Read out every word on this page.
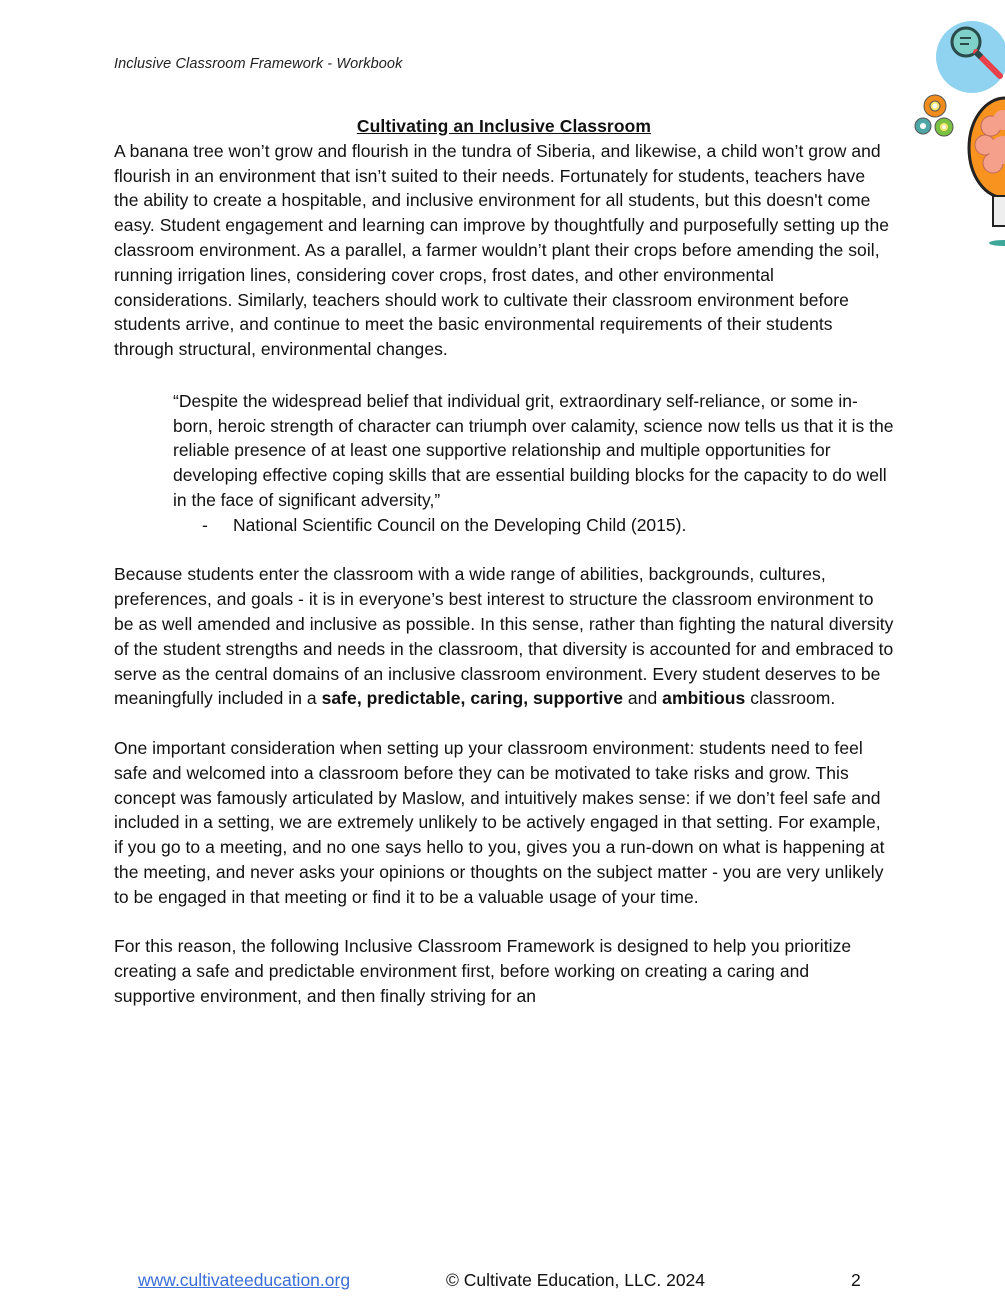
Inclusive Classroom Framework - Workbook
Cultivating an Inclusive Classroom

A banana tree won’t grow and flourish in the tundra of Siberia, and likewise, a child won’t grow and flourish in an environment that isn’t suited to their needs. Fortunately for students, teachers have the ability to create a hospitable, and inclusive environment for all students, but this doesn't come easy. Student engagement and learning can improve by thoughtfully and purposefully setting up the classroom environment. As a parallel, a farmer wouldn’t plant their crops before amending the soil, running irrigation lines, considering cover crops, frost dates, and other environmental considerations. Similarly, teachers should work to cultivate their classroom environment before students arrive, and continue to meet the basic environmental requirements of their students through structural, environmental changes.

“Despite the widespread belief that individual grit, extraordinary self-reliance, or some in-born, heroic strength of character can triumph over calamity, science now tells us that it is the reliable presence of at least one supportive relationship and multiple opportunities for developing effective coping skills that are essential building blocks for the capacity to do well in the face of significant adversity,”

-	National Scientific Council on the Developing Child (2015).

Because students enter the classroom with a wide range of abilities, backgrounds, cultures, preferences, and goals - it is in everyone’s best interest to structure the classroom environment to be as well amended and inclusive as possible. In this sense, rather than fighting the natural diversity of the student strengths and needs in the classroom, that diversity is accounted for and embraced to serve as the central domains of an inclusive classroom environment. Every student deserves to be meaningfully included in a safe, predictable, caring, supportive and ambitious classroom.

One important consideration when setting up your classroom environment: students need to feel safe and welcomed into a classroom before they can be motivated to take risks and grow. This concept was famously articulated by Maslow, and intuitively makes sense: if we don’t feel safe and included in a setting, we are extremely unlikely to be actively engaged in that setting. For example, if you go to a meeting, and no one says hello to you, gives you a run-down on what is happening at the meeting, and never asks your opinions or thoughts on the subject matter - you are very unlikely to be engaged in that meeting or find it to be a valuable usage of your time.

For this reason, the following Inclusive Classroom Framework is designed to help you prioritize creating a safe and predictable environment first, before working on creating a caring and supportive environment, and then finally striving for an

www.cultivateeducation.org	© Cultivate Education, LLC. 2024	2
